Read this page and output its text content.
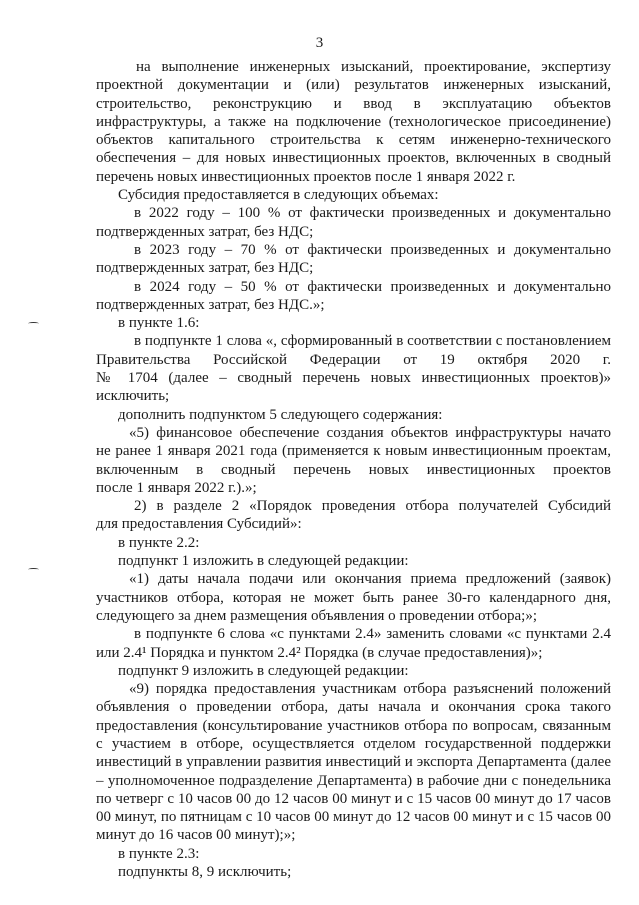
3
на выполнение инженерных изысканий, проектирование, экспертизу
проектной документации и (или) результатов инженерных изысканий,
строительство, реконструкцию и ввод в эксплуатацию объектов
инфраструктуры, а также на подключение (технологическое присоединение)
объектов капитального строительства к сетям инженерно-технического
обеспечения – для новых инвестиционных проектов, включенных в сводный
перечень новых инвестиционных проектов после 1 января 2022 г.
Субсидия предоставляется в следующих объемах:
в 2022 году – 100 % от фактически произведенных и документально
подтвержденных затрат, без НДС;
в 2023 году – 70 % от фактически произведенных и документально
подтвержденных затрат, без НДС;
в 2024 году – 50 % от фактически произведенных и документально
подтвержденных затрат, без НДС.»;
в пункте 1.6:
в подпункте 1 слова «, сформированный в соответствии с постановлением
Правительства Российской Федерации от 19 октября 2020 г.
№ 1704 (далее – сводный перечень новых инвестиционных проектов)»
исключить;
дополнить подпунктом 5 следующего содержания:
«5) финансовое обеспечение создания объектов инфраструктуры начато
не ранее 1 января 2021 года (применяется к новым инвестиционным проектам,
включенным в сводный перечень новых инвестиционных проектов
после 1 января 2022 г.).»;
2) в разделе 2 «Порядок проведения отбора получателей Субсидий
для предоставления Субсидий»:
в пункте 2.2:
подпункт 1 изложить в следующей редакции:
«1) даты начала подачи или окончания приема предложений (заявок)
участников отбора, которая не может быть ранее 30-го календарного дня,
следующего за днем размещения объявления о проведении отбора;»;
в подпункте 6 слова «с пунктами 2.4» заменить словами «с пунктами 2.4
или 2.4¹ Порядка и пунктом 2.4² Порядка (в случае предоставления)»;
подпункт 9 изложить в следующей редакции:
«9) порядка предоставления участникам отбора разъяснений положений
объявления о проведении отбора, даты начала и окончания срока такого
предоставления (консультирование участников отбора по вопросам, связанным
с участием в отборе, осуществляется отделом государственной поддержки
инвестиций в управлении развития инвестиций и экспорта Департамента (далее
– уполномоченное подразделение Департамента) в рабочие дни с понедельника
по четверг с 10 часов 00 до 12 часов 00 минут и с 15 часов 00 минут до 17 часов
00 минут, по пятницам с 10 часов 00 минут до 12 часов 00 минут и с 15 часов 00
минут до 16 часов 00 минут);»;
в пункте 2.3:
подпункты 8, 9 исключить;
